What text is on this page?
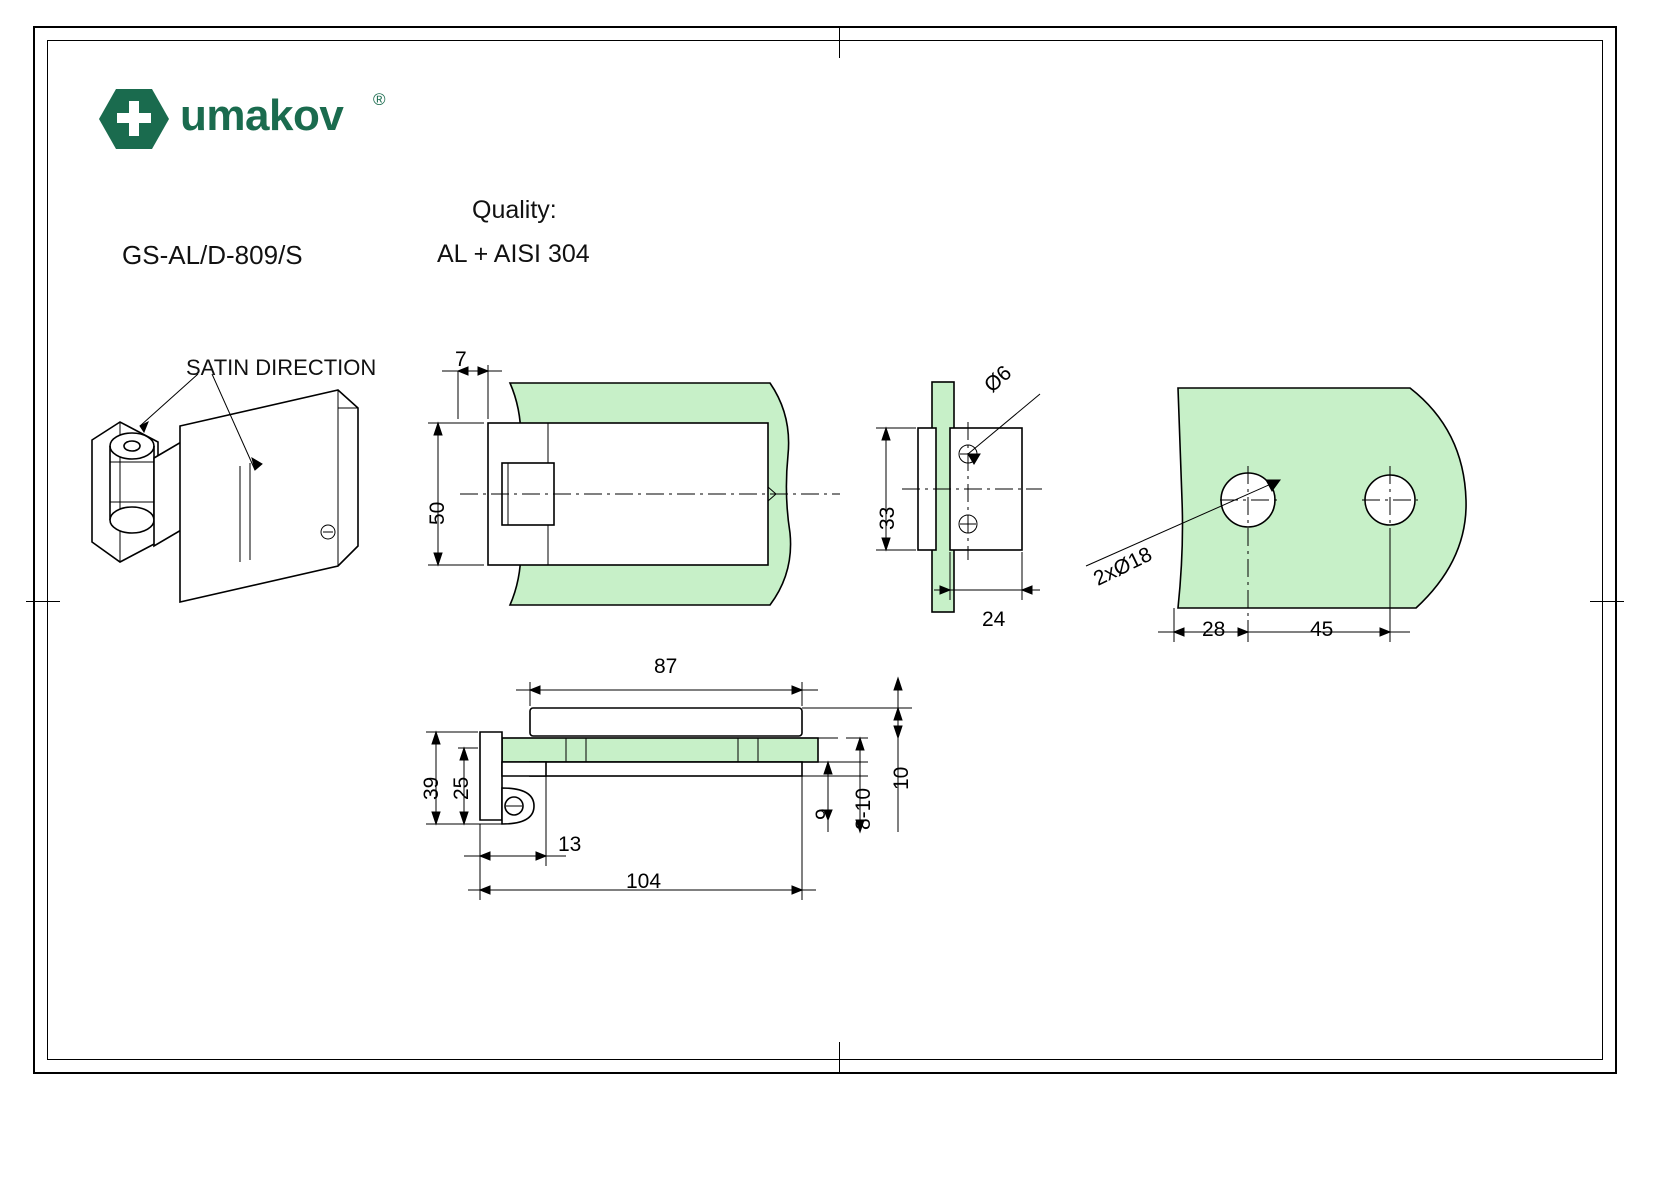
umakov ®
GS-AL/D-809/S
Quality:
AL + AISI 304
SATIN DIRECTION	7
50	33
24
Ø6
2xØ18
28	45
87
39 25
13
104
9 8-10
10
